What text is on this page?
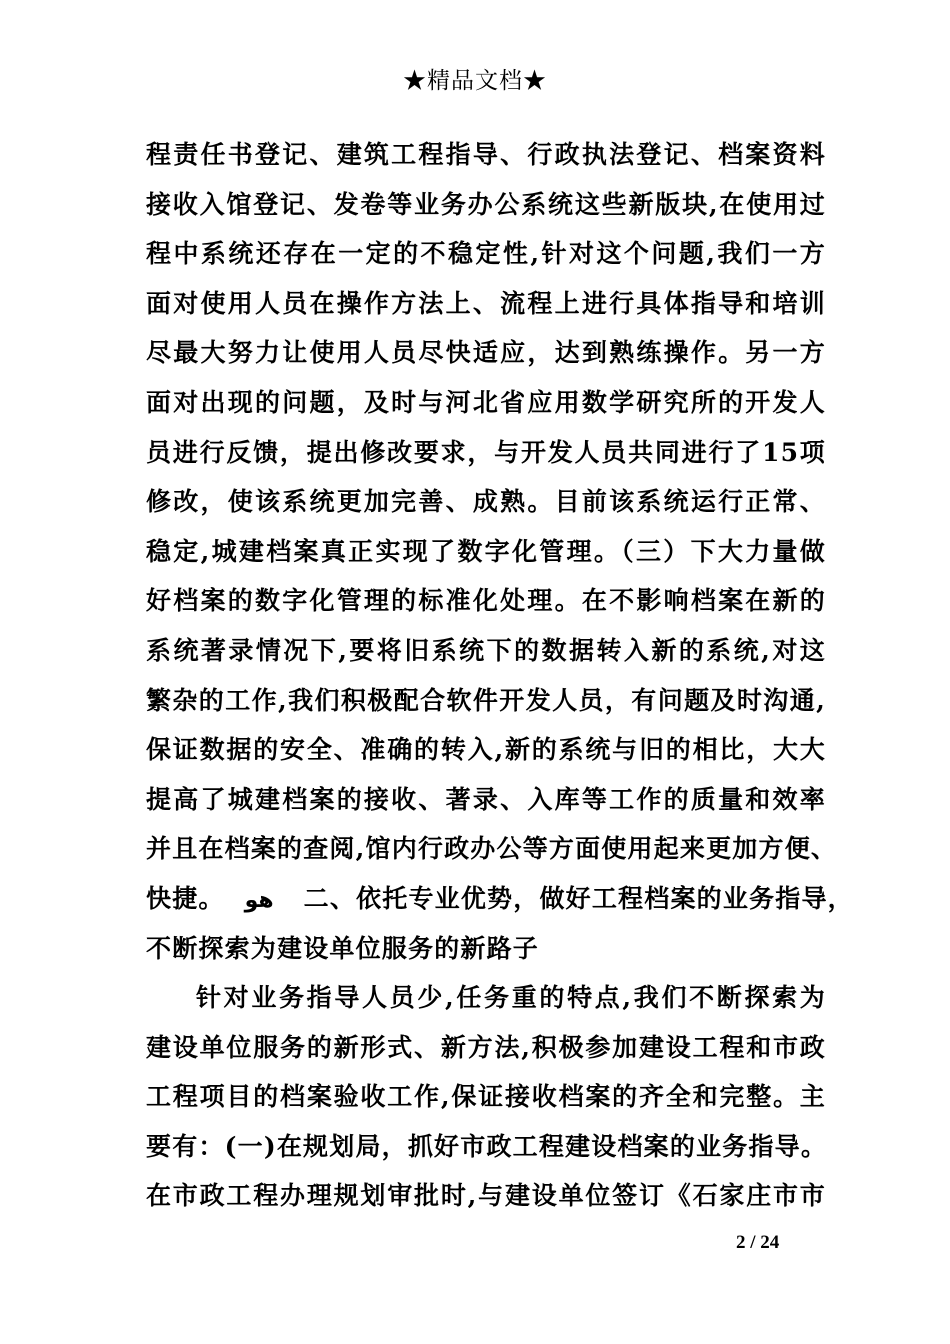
★精品文档★
程责任书登记、建筑工程指导、行政执法登记、档案资料
接收入馆登记、发卷等业务办公系统这些新版块,在使用过
程中系统还存在一定的不稳定性,针对这个问题,我们一方
面对使用人员在操作方法上、流程上进行具体指导和培训
尽最大努力让使用人员尽快适应，达到熟练操作。另一方
面对出现的问题，及时与河北省应用数学研究所的开发人
员进行反馈，提出修改要求，与开发人员共同进行了15项
修改，使该系统更加完善、成熟。目前该系统运行正常、
稳定,城建档案真正实现了数字化管理。（三）下大力量做
好档案的数字化管理的标准化处理。在不影响档案在新的
系统著录情况下,要将旧系统下的数据转入新的系统,对这
繁杂的工作,我们积极配合软件开发人员，有问题及时沟通,
保证数据的安全、准确的转入,新的系统与旧的相比，大大
提高了城建档案的接收、著录、入库等工作的质量和效率
并且在档案的查阅,馆内行政办公等方面使用起来更加方便、
快捷。 هو 二、依托专业优势，做好工程档案的业务指导，
不断探索为建设单位服务的新路子
针对业务指导人员少,任务重的特点,我们不断探索为
建设单位服务的新形式、新方法,积极参加建设工程和市政
工程项目的档案验收工作,保证接收档案的齐全和完整。主
要有：(一)在规划局，抓好市政工程建设档案的业务指导。
在市政工程办理规划审批时,与建设单位签订《石家庄市市
2 / 24
